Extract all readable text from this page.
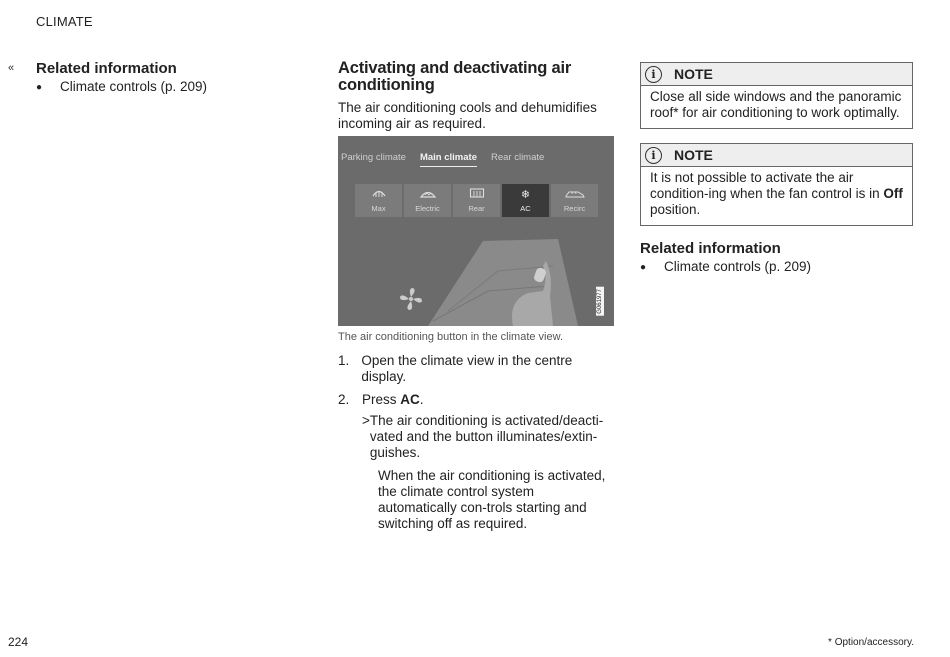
CLIMATE
« Related information
●	Climate controls (p. 209)
Activating and deactivating air conditioning
The air conditioning cools and dehumidifies incoming air as required.
Parking climate Main climate Rear climate
Max	Electric	Rear
❄
AC	Recirc
G061977
The air conditioning button in the climate view.
1. Open the climate view in the centre display.
2. Press AC.
> The air conditioning is activated/deacti-vated and the button illuminates/extin-guishes.
When the air conditioning is activated, the climate control system automatically con-trols starting and switching off as required.
i	NOTE
Close all side windows and the panoramic roof* for air conditioning to work optimally.
i	NOTE
It is not possible to activate the air condition-ing when the fan control is in Off position.
Related information
●	Climate controls (p. 209)
224	* Option/accessory.
